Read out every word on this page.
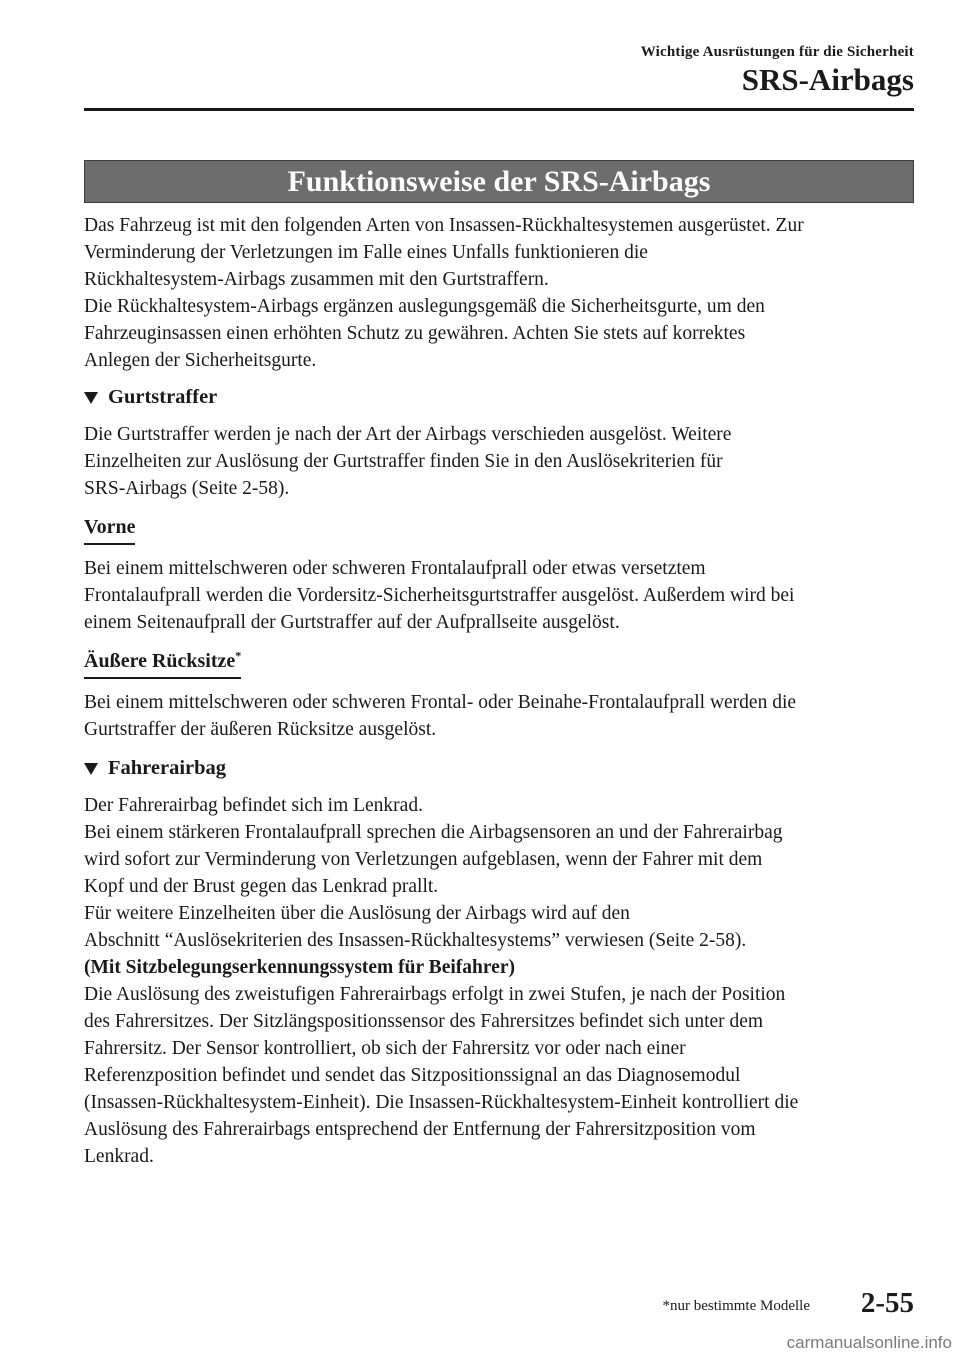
Wichtige Ausrüstungen für die Sicherheit
SRS-Airbags
Funktionsweise der SRS-Airbags

Das Fahrzeug ist mit den folgenden Arten von Insassen-Rückhaltesystemen ausgerüstet. Zur

Verminderung der Verletzungen im Falle eines Unfalls funktionieren die

Rückhaltesystem-Airbags zusammen mit den Gurtstraffern.

Die Rückhaltesystem-Airbags ergänzen auslegungsgemäß die Sicherheitsgurte, um den

Fahrzeuginsassen einen erhöhten Schutz zu gewähren. Achten Sie stets auf korrektes

Anlegen der Sicherheitsgurte.

Gurtstraffer

Die Gurtstraffer werden je nach der Art der Airbags verschieden ausgelöst. Weitere

Einzelheiten zur Auslösung der Gurtstraffer finden Sie in den Auslösekriterien für

SRS-Airbags (Seite 2-58).

Vorne

Bei einem mittelschweren oder schweren Frontalaufprall oder etwas versetztem

Frontalaufprall werden die Vordersitz-Sicherheitsgurtstraffer ausgelöst. Außerdem wird bei

einem Seitenaufprall der Gurtstraffer auf der Aufprallseite ausgelöst.

Äußere Rücksitze*

Bei einem mittelschweren oder schweren Frontal- oder Beinahe-Frontalaufprall werden die

Gurtstraffer der äußeren Rücksitze ausgelöst.

Fahrerairbag

Der Fahrerairbag befindet sich im Lenkrad.

Bei einem stärkeren Frontalaufprall sprechen die Airbagsensoren an und der Fahrerairbag

wird sofort zur Verminderung von Verletzungen aufgeblasen, wenn der Fahrer mit dem

Kopf und der Brust gegen das Lenkrad prallt.

Für weitere Einzelheiten über die Auslösung der Airbags wird auf den

Abschnitt “Auslösekriterien des Insassen-Rückhaltesystems” verwiesen (Seite 2-58).

(Mit Sitzbelegungserkennungssystem für Beifahrer)

Die Auslösung des zweistufigen Fahrerairbags erfolgt in zwei Stufen, je nach der Position

des Fahrersitzes. Der Sitzlängspositionssensor des Fahrersitzes befindet sich unter dem

Fahrersitz. Der Sensor kontrolliert, ob sich der Fahrersitz vor oder nach einer

Referenzposition befindet und sendet das Sitzpositionssignal an das Diagnosemodul

(Insassen-Rückhaltesystem-Einheit). Die Insassen-Rückhaltesystem-Einheit kontrolliert die

Auslösung des Fahrerairbags entsprechend der Entfernung der Fahrersitzposition vom

Lenkrad.

*nur bestimmte Modelle 2-55
carmanualsonline.info
